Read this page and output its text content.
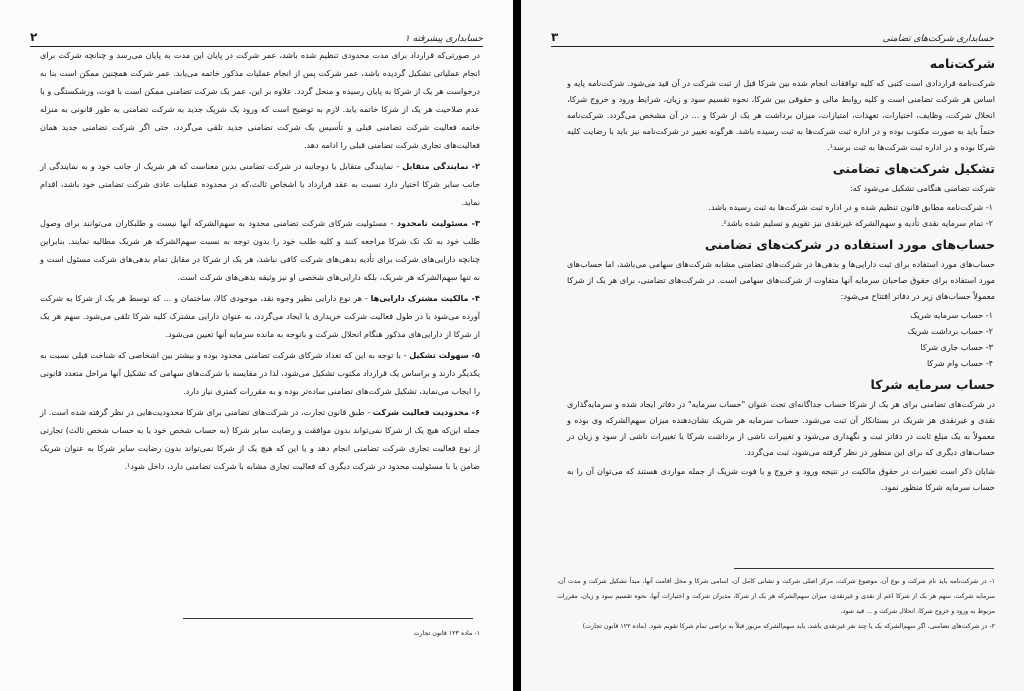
حسابداری پیشرفته ۱
۲

در صورتی‌که قرارداد برای مدت محدودی تنظیم شده باشد، عمر شرکت در پایان این مدت به پایان می‌رسد و چنانچه شرکت برای انجام عملیاتی تشکیل گردیده باشد، عمر شرکت پس از انجام عملیات مذکور خاتمه می‌یابد. عمر شرکت همچنین ممکن است بنا به درخواست هر یک از شرکا به پایان رسیده و منحل گردد. علاوه بر این، عمر یک شرکت تضامنی ممکن است با فوت، ورشکستگی و یا عدم صلاحیت هر یک از شرکا خاتمه یابد. لازم به توضیح است که ورود یک شریک جدید به شرکت تضامنی به طور قانونی به منزله خاتمه فعالیت شرکت تضامنی قبلی و تأسیس یک شرکت تضامنی جدید تلقی می‌گردد، حتی اگر شرکت تضامنی جدید همان فعالیت‌های تجاری شرکت تضامنی قبلی را ادامه دهد.

۲- نمایندگی متقابل - نمایندگی متقابل یا دوجانبه در شرکت تضامنی بدین معناست که هر شریک از جانب خود و به نمایندگی از جانب سایر شرکا اختیار دارد نسبت به عقد قرارداد با اشخاص ثالث،که در محدوده عملیات عادی شرکت تضامنی خود باشد، اقدام نماید.
۳- مسئولیت نامحدود - مسئولیت شرکای شرکت تضامنی محدود به سهم‌الشرکه آنها نیست و طلبکاران می‌توانند برای وصول طلب خود به تک تک شرکا مراجعه کنند و کلیه طلب خود را بدون توجه به نسبت سهم‌الشرکه هر شریک مطالبه نمایند. بنابراین چنانچه دارایی‌های شرکت برای تأدیه بدهی‌های شرکت کافی نباشد، هر یک از شرکا در مقابل تمام بدهی‌های شرکت مسئول است و نه تنها سهم‌الشرکه هر شریک، بلکه دارایی‌های شخصی او نیز وثیقه بدهی‌های شرکت است.
۴- مالکیت مشترک دارایی‌ها - هر نوع دارایی نظیر وجوه نقد، موجودی کالا، ساختمان و ... که توسط هر یک از شرکا به شرکت آورده می‌شود یا در طول فعالیت شرکت خریداری یا ایجاد می‌گردد، به عنوان دارایی مشترک کلیه شرکا تلقی می‌شود. سهم هر یک از شرکا از دارایی‌های مذکور هنگام انحلال شرکت و باتوجه به مانده سرمایه آنها تعیین می‌شود.
۵- سهولت تشکیل - با توجه به این که تعداد شرکای شرکت تضامنی محدود بوده و بیشتر بین اشخاصی که شناخت قبلی نسبت به یکدیگر دارند و براساس یک قرارداد مکتوب تشکیل می‌شود، لذا در مقایسه با شرکت‌های سهامی که تشکیل آنها مراحل متعدد قانونی را ایجاب می‌نماید، تشکیل شرکت‌های تضامنی ساده‌تر بوده و به مقررات کمتری نیاز دارد.
۶- محدودیت فعالیت شرکت - طبق قانون تجارت، در شرکت‌های تضامنی برای شرکا محدودیت‌هایی در نظر گرفته شده است. از جمله این‌که هیچ یک از شرکا نمی‌تواند بدون موافقت و رضایت سایر شرکا (به حساب شخص خود یا به حساب شخص ثالث) تجارتی از نوع فعالیت تجاری شرکت تضامنی انجام دهد و یا این که هیچ یک از شرکا نمی‌تواند بدون رضایت سایر شرکا به عنوان شریک ضامن یا با مسئولیت محدود در شرکت دیگری که فعالیت تجاری مشابه با شرکت تضامنی دارد، داخل شود¹.

۱- ماده ۱۲۳ قانون تجارت

حسابداری شرکت‌های تضامنی
۳
شرکت‌نامه

شرکت‌نامه قراردادی است کتبی که کلیه توافقات انجام شده بین شرکا قبل از ثبت شرکت در آن قید می‌شود. شرکت‌نامه پایه و اساس هر شرکت تضامنی است و کلیه روابط مالی و حقوقی بین شرکا، نحوه تقسیم سود و زیان، شرایط ورود و خروج شرکا، انحلال شرکت، وظایف، اختیارات، تعهدات، امتیازات، میزان برداشت هر یک از شرکا و ... در آن مشخص می‌گردد. شرکت‌نامه حتماً باید به صورت مکتوب بوده و در اداره ثبت شرکت‌ها به ثبت رسیده باشد. هرگونه تغییر در شرکت‌نامه نیز باید با رضایت کلیه شرکا بوده و در اداره ثبت شرکت‌ها به ثبت برسد¹.

تشکیل شرکت‌های تضامنی

شرکت تضامنی هنگامی تشکیل می‌شود که:

۱- شرکت‌نامه مطابق قانون تنظیم شده و در اداره ثبت شرکت‌ها به ثبت رسیده باشد.
۲- تمام سرمایه نقدی تأدیه و سهم‌الشرکه غیرنقدی نیز تقویم و تسلیم شده باشد².
حساب‌های مورد استفاده در شرکت‌های تضامنی

حساب‌های مورد استفاده برای ثبت دارایی‌ها و بدهی‌ها در شرکت‌های تضامنی مشابه شرکت‌های سهامی می‌باشد، اما حساب‌های مورد استفاده برای حقوق صاحبان سرمایه آنها متفاوت از شرکت‌های سهامی است. در شرکت‌های تضامنی، برای هر یک از شرکا معمولاً حساب‌های زیر در دفاتر افتتاح می‌شود:

۱- حساب سرمایه شریک
۲- حساب برداشت شریک
۳- حساب جاری شرکا
۴- حساب وام شرکا
حساب سرمایه شرکا

در شرکت‌های تضامنی برای هر یک از شرکا حساب جداگانه‌ای تحت عنوان "حساب سرمایه" در دفاتر ایجاد شده و سرمایه‌گذاری نقدی و غیرنقدی هر شریک در بستانکار آن ثبت می‌شود. حساب سرمایه هر شریک نشان‌دهنده میزان سهم‌الشرکه وی بوده و معمولاً به یک مبلغ ثابت در دفاتر ثبت و نگهداری می‌شود و تغییرات ناشی از برداشت شرکا یا تغییرات ناشی از سود و زیان در حساب‌های دیگری که برای این منظور در نظر گرفته می‌شود، ثبت می‌گردد.

شایان ذکر است تغییرات در حقوق مالکیت در نتیجه ورود و خروج و یا فوت شریک از جمله مواردی هستند که می‌توان آن را به حساب سرمایه شرکا منظور نمود.

۱- در شرکت‌نامه باید نام شرکت و نوع آن، موضوع شرکت، مرکز اصلی شرکت و نشانی کامل آن، اسامی شرکا و محل اقامت آنها، مبدأ تشکیل شرکت و مدت آن، سرمایه شرکت، سهم هر یک از شرکا اعم از نقدی و غیرنقدی، میزان سهم‌الشرکه هر یک از شرکا، مدیران شرکت و اختیارات آنها، نحوه تقسیم سود و زیان، مقررات مربوط به ورود و خروج شرکا، انحلال شرکت و ... قید شود.

۲- در شرکت‌های تضامنی، اگر سهم‌الشرکه یک یا چند نفر غیرنقدی باشد، باید سهم‌الشرکه مزبور قبلاً به تراضی تمام شرکا تقویم شود. (ماده ۱۲۲ قانون تجارت)
